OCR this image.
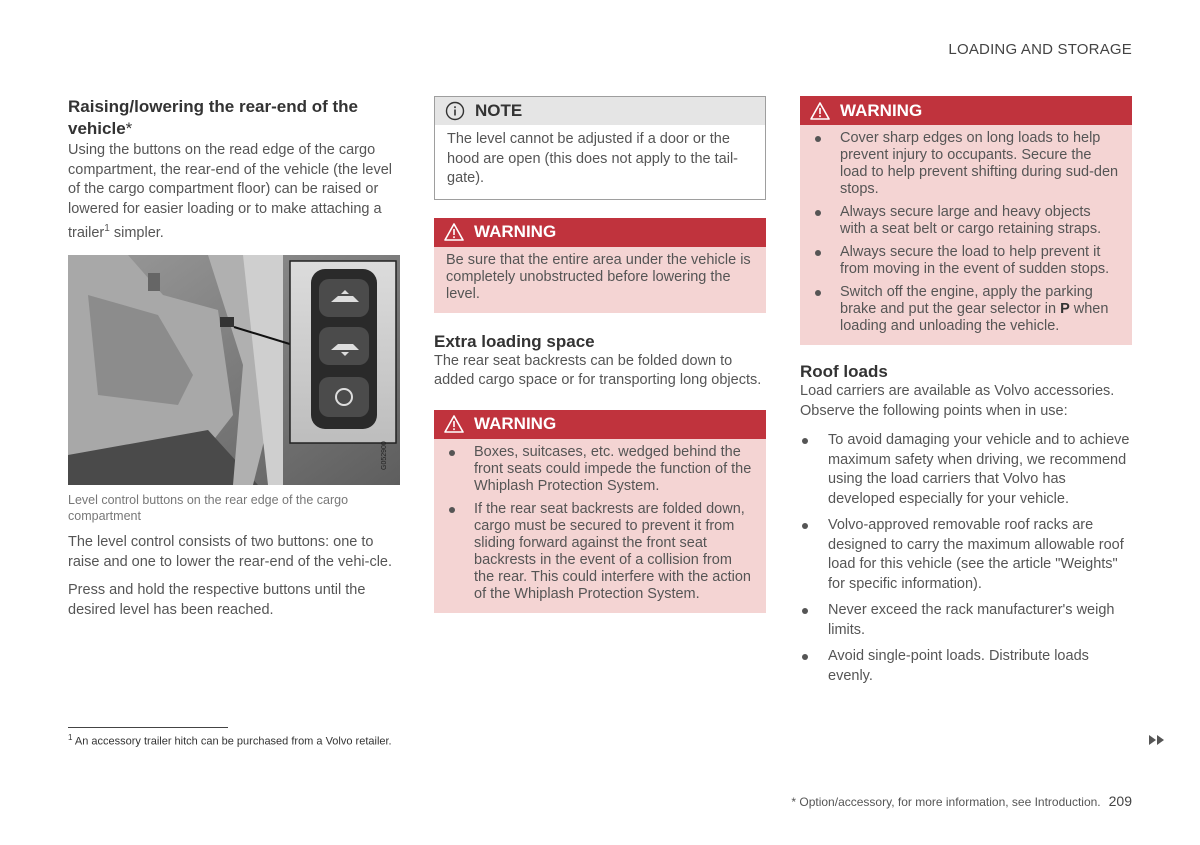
LOADING AND STORAGE
Raising/lowering the rear-end of the vehicle*

Using the buttons on the read edge of the cargo compartment, the rear-end of the vehicle (the level of the cargo compartment floor) can be raised or lowered for easier loading or to make attaching a trailer$^1$ simpler.

G052900
Level control buttons on the rear edge of the cargo compartment

The level control consists of two buttons: one to raise and one to lower the rear-end of the vehi-cle.

Press and hold the respective buttons until the desired level has been reached.

NOTE
The level cannot be adjusted if a door or the hood are open (this does not apply to the tail-gate).
WARNING
Be sure that the entire area under the vehicle is completely unobstructed before lowering the level.
Extra loading space

The rear seat backrests can be folded down to added cargo space or for transporting long objects.

WARNING
Boxes, suitcases, etc. wedged behind the front seats could impede the function of the Whiplash Protection System.
If the rear seat backrests are folded down, cargo must be secured to prevent it from sliding forward against the front seat backrests in the event of a collision from the rear. This could interfere with the action of the Whiplash Protection System.
WARNING
Cover sharp edges on long loads to help prevent injury to occupants. Secure the load to help prevent shifting during sud-den stops.
Always secure large and heavy objects with a seat belt or cargo retaining straps.
Always secure the load to help prevent it from moving in the event of sudden stops.
Switch off the engine, apply the parking brake and put the gear selector in P when loading and unloading the vehicle.
Roof loads

Load carriers are available as Volvo accessories. Observe the following points when in use:

To avoid damaging your vehicle and to achieve maximum safety when driving, we recommend using the load carriers that Volvo has developed especially for your vehicle.
Volvo-approved removable roof racks are designed to carry the maximum allowable roof load for this vehicle (see the article "Weights" for specific information).
Never exceed the rack manufacturer's weigh limits.
Avoid single-point loads. Distribute loads evenly.
$^1$ An accessory trailer hitch can be purchased from a Volvo retailer.
* Option/accessory, for more information, see Introduction. 209
